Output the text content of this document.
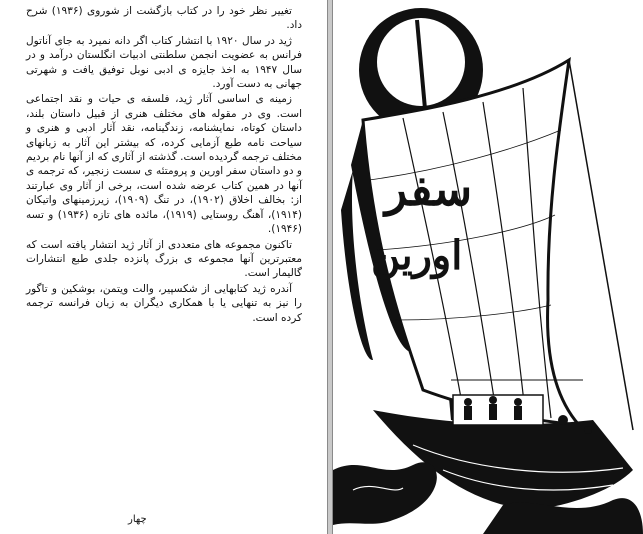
تغییر نظر خود را در کتاب بازگشت از شوروی (۱۹۳۶) شرح داد.

ژید در سال ۱۹۲۰ با انتشار کتاب اگر دانه نمیرد به جای آناتول فرانس به عضویت انجمن سلطنتی ادبیات انگلستان درآمد و در سال ۱۹۴۷ به اخذ جایزه ی ادبی نوبل توفیق یافت و شهرتی جهانی به دست آورد.

زمینه ی اساسی آثار ژید، فلسفه ی حیات و نقد اجتماعی است. وی در مقوله های مختلف هنری از قبیل داستان بلند، داستان کوتاه، نمایشنامه، زندگینامه، نقد آثار ادبی و هنری و سیاحت نامه طبع آزمایی کرده، که بیشتر این آثار به زبانهای مختلف ترجمه گردیده است. گذشته از آثاری که از آنها نام بردیم و دو داستان سفر اورین و پرومتئه ی سست زنجیر، که ترجمه ی آنها در همین کتاب عرضه شده است، برخی از آثار وی عبارتند از: بخالف اخلاق (۱۹۰۲)، در تنگ (۱۹۰۹)، زیرزمینهای واتیکان (۱۹۱۴)، آهنگ روستایی (۱۹۱۹)، مائده های تازه (۱۹۳۶) و تسه (۱۹۴۶).

تاکنون مجموعه های متعددی از آثار ژید انتشار یافته است که معتبرترین آنها مجموعه ی بزرگ پانزده جلدی طبع انتشارات گالیمار است.

آندره ژید کتابهایی از شکسپیر، والت ویتمن، بوشکین و تاگور را نیز به تنهایی یا با همکاری دیگران به زبان فرانسه ترجمه کرده است.

چهار
سفر
اورین
